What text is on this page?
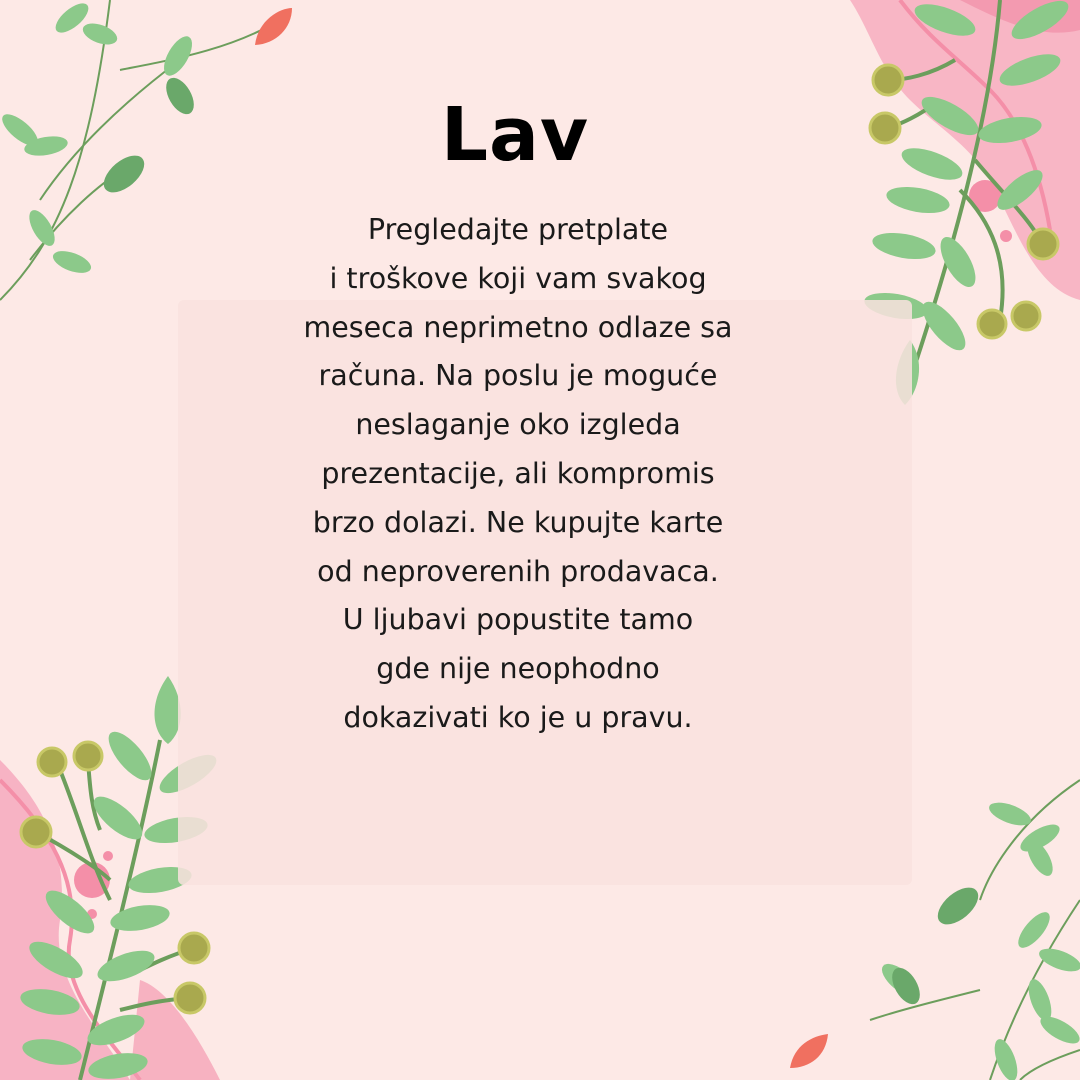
Lav
Pregledajte pretplate
i troškove koji vam svakog
meseca neprimetno odlaze sa
računa. Na poslu je moguće
neslaganje oko izgleda
prezentacije, ali kompromis
brzo dolazi. Ne kupujte karte
od neproverenih prodavaca.
U ljubavi popustite tamo
gde nije neophodno
dokazivati ko je u pravu.
